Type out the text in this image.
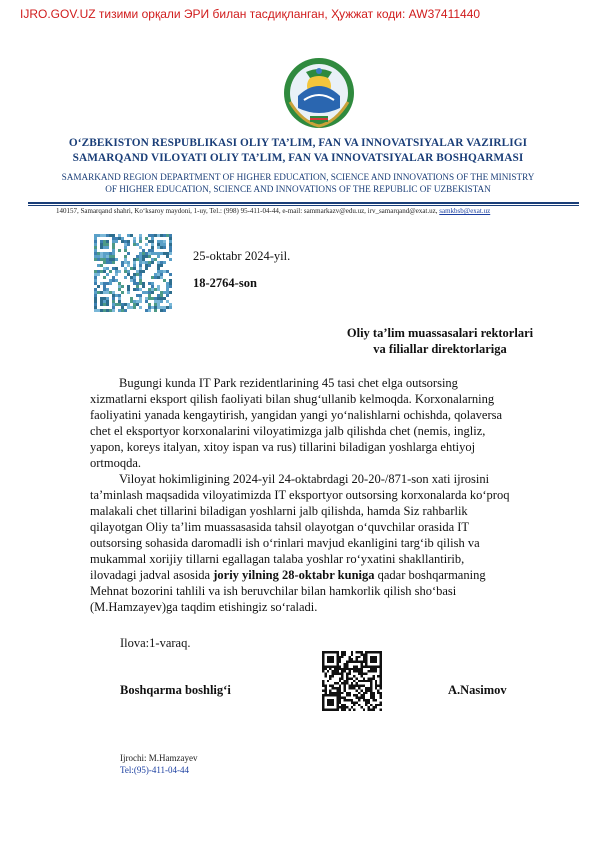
IJRO.GOV.UZ тизими орқали ЭРИ билан тасдиқланган, Ҳужжат коди: AW37411440
O‘ZBEKISTON RESPUBLIKASI OLIY TA’LIM, FAN VA INNOVATSIYALAR VAZIRLIGI
SAMARQAND VILOYATI OLIY TA’LIM, FAN VA INNOVATSIYALAR BOSHQARMASI
SAMARKAND REGION DEPARTMENT OF HIGHER EDUCATION, SCIENCE AND INNOVATIONS OF THE MINISTRY
OF HIGHER EDUCATION, SCIENCE AND INNOVATIONS OF THE REPUBLIC OF UZBEKISTAN
140157, Samarqand shahri, Ko‘ksaroy maydoni, 1-uy, Tel.: (998) 95-411-04-44, e-mail: sammarkazv@edu.uz, irv_samarqand@exat.uz, samkbsb@exat.uz
25-oktabr 2024-yil.
18-2764-son
Oliy ta’lim muassasalari rektorlari
va filiallar direktorlariga
Bugungi kunda IT Park rezidentlarining 45 tasi chet elga outsorsing
xizmatlarni eksport qilish faoliyati bilan shug‘ullanib kelmoqda. Korxonalarning
faoliyatini yanada kengaytirish, yangidan yangi yo‘nalishlarni ochishda, qolaversa
chet el eksportyor korxonalarini viloyatimizga jalb qilishda chet (nemis, ingliz,
yapon, koreys italyan, xitoy ispan va rus) tillarini biladigan yoshlarga ehtiyoj
ortmoqda.
Viloyat hokimligining 2024-yil 24-oktabrdagi 20-20-/871-son xati ijrosini
ta’minlash maqsadida viloyatimizda IT eksportyor outsorsing korxonalarda ko‘proq
malakali chet tillarini biladigan yoshlarni jalb qilishda, hamda Siz rahbarlik
qilayotgan Oliy ta’lim muassasasida tahsil olayotgan o‘quvchilar orasida IT
outsorsing sohasida daromadli ish o‘rinlari mavjud ekanligini targ‘ib qilish va
mukammal xorijiy tillarni egallagan talaba yoshlar ro‘yxatini shakllantirib,
ilovadagi jadval asosida joriy yilning 28-oktabr kuniga qadar boshqarmaning
Mehnat bozorini tahlili va ish beruvchilar bilan hamkorlik qilish sho‘basi
(M.Hamzayev)ga taqdim etishingiz so‘raladi.
Ilova:1-varaq.
Boshqarma boshlig‘i	A.Nasimov
Ijrochi: M.Hamzayev
Tel:(95)-411-04-44
